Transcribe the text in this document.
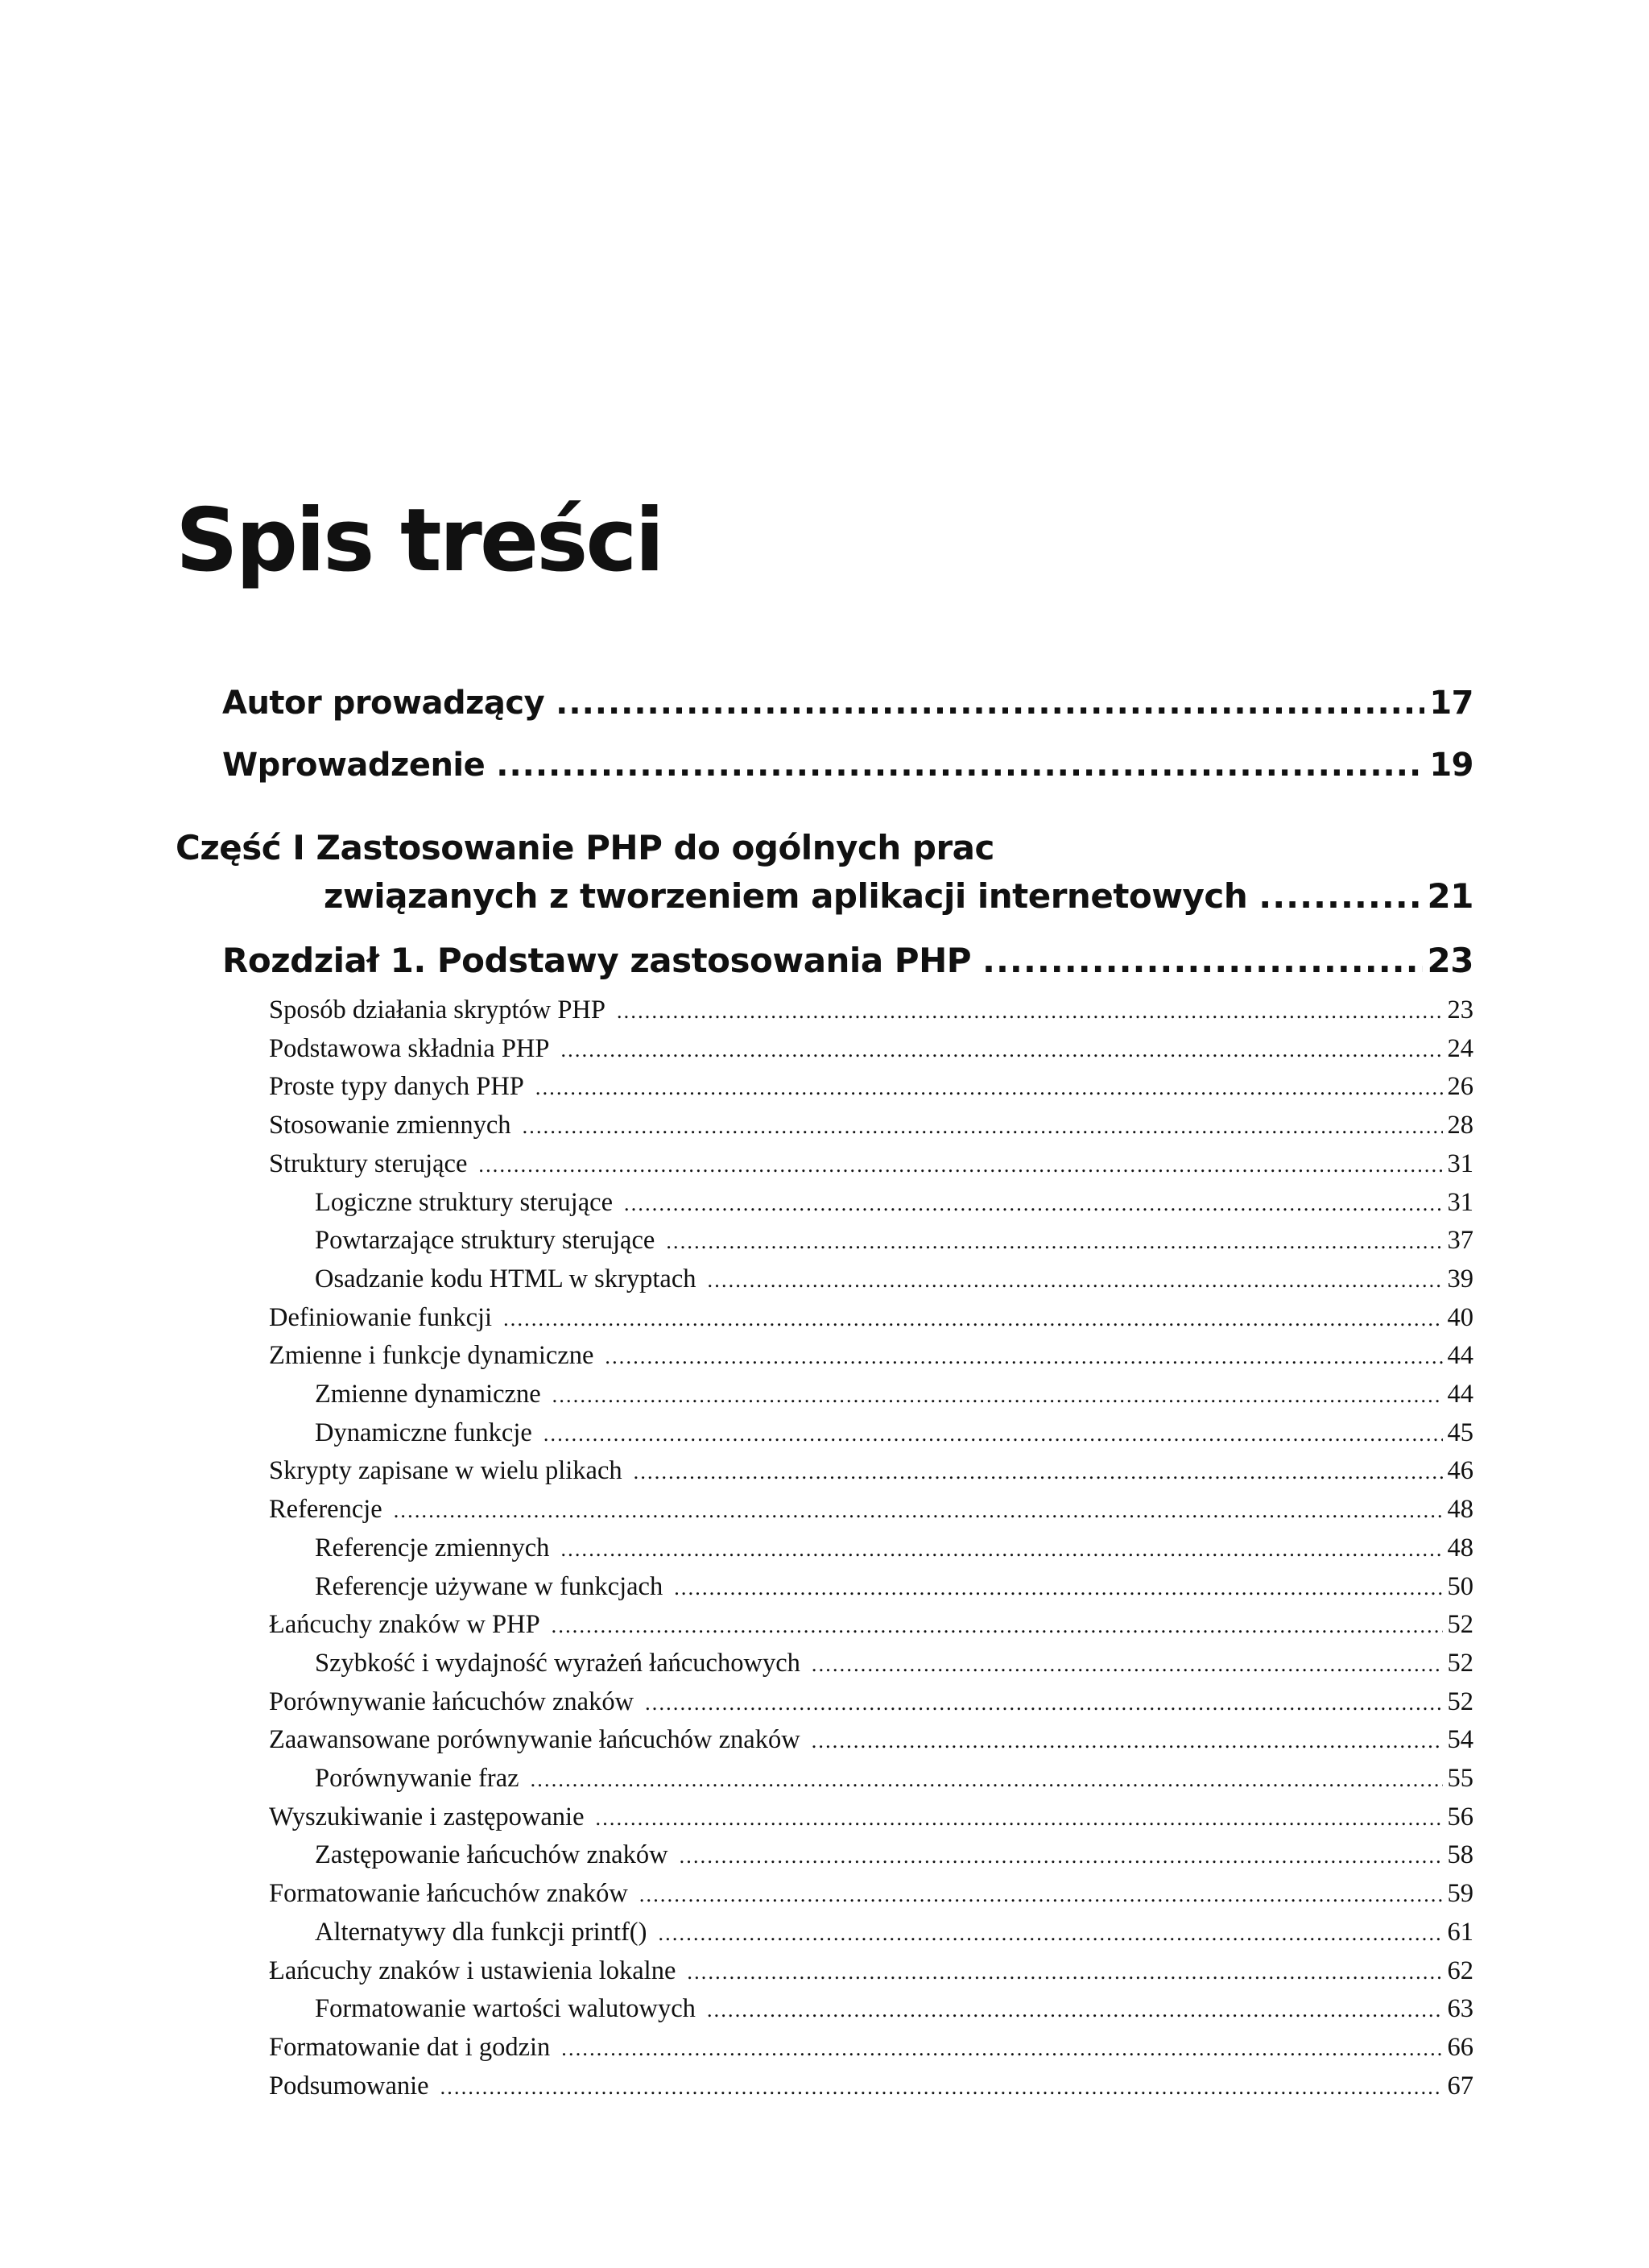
Spis treści
Autor prowadzący .....	17
Wprowadzenie .....	19
Część I Zastosowanie PHP do ogólnych prac
związanych z tworzeniem aplikacji internetowych .....	21
Rozdział 1. Podstawy zastosowania PHP .....	23
Sposób działania skryptów PHP .....	23
Podstawowa składnia PHP .....	24
Proste typy danych PHP .....	26
Stosowanie zmiennych .....	28
Struktury sterujące .....	31
Logiczne struktury sterujące .....	31
Powtarzające struktury sterujące .....	37
Osadzanie kodu HTML w skryptach .....	39
Definiowanie funkcji .....	40
Zmienne i funkcje dynamiczne .....	44
Zmienne dynamiczne .....	44
Dynamiczne funkcje .....	45
Skrypty zapisane w wielu plikach .....	46
Referencje .....	48
Referencje zmiennych .....	48
Referencje używane w funkcjach .....	50
Łańcuchy znaków w PHP .....	52
Szybkość i wydajność wyrażeń łańcuchowych .....	52
Porównywanie łańcuchów znaków .....	52
Zaawansowane porównywanie łańcuchów znaków .....	54
Porównywanie fraz .....	55
Wyszukiwanie i zastępowanie .....	56
Zastępowanie łańcuchów znaków .....	58
Formatowanie łańcuchów znaków .....	59
Alternatywy dla funkcji printf() .....	61
Łańcuchy znaków i ustawienia lokalne .....	62
Formatowanie wartości walutowych .....	63
Formatowanie dat i godzin .....	66
Podsumowanie .....	67
